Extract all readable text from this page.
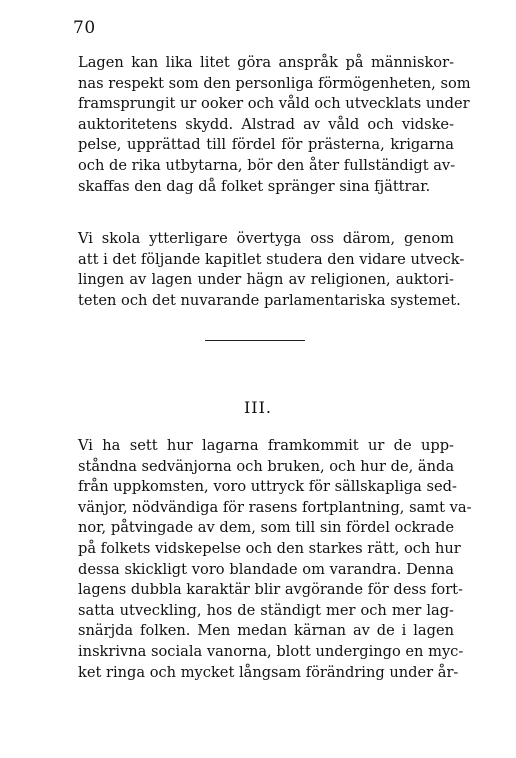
70
Lagen kan lika litet göra anspråk på människor-
nas respekt som den personliga förmögenheten, som
framsprungit ur ooker och våld och utvecklats under
auktoritetens skydd. Alstrad av våld och vidske-
pelse, upprättad till fördel för prästerna, krigarna
och de rika utbytarna, bör den åter fullständigt av-
skaffas den dag då folket spränger sina fjättrar.
Vi skola ytterligare övertyga oss därom, genom
att i det följande kapitlet studera den vidare utveck-
lingen av lagen under hägn av religionen, auktori-
teten och det nuvarande parlamentariska systemet.
III.
Vi ha sett hur lagarna framkommit ur de upp-
ståndna sedvänjorna och bruken, och hur de, ända
från uppkomsten, voro uttryck för sällskapliga sed-
vänjor, nödvändiga för rasens fortplantning, samt va-
nor, påtvingade av dem, som till sin fördel ockrade
på folkets vidskepelse och den starkes rätt, och hur
dessa skickligt voro blandade om varandra. Denna
lagens dubbla karaktär blir avgörande för dess fort-
satta utveckling, hos de ständigt mer och mer lag-
snärjda folken. Men medan kärnan av de i lagen
inskrivna sociala vanorna, blott undergingo en myc-
ket ringa och mycket långsam förändring under år-
